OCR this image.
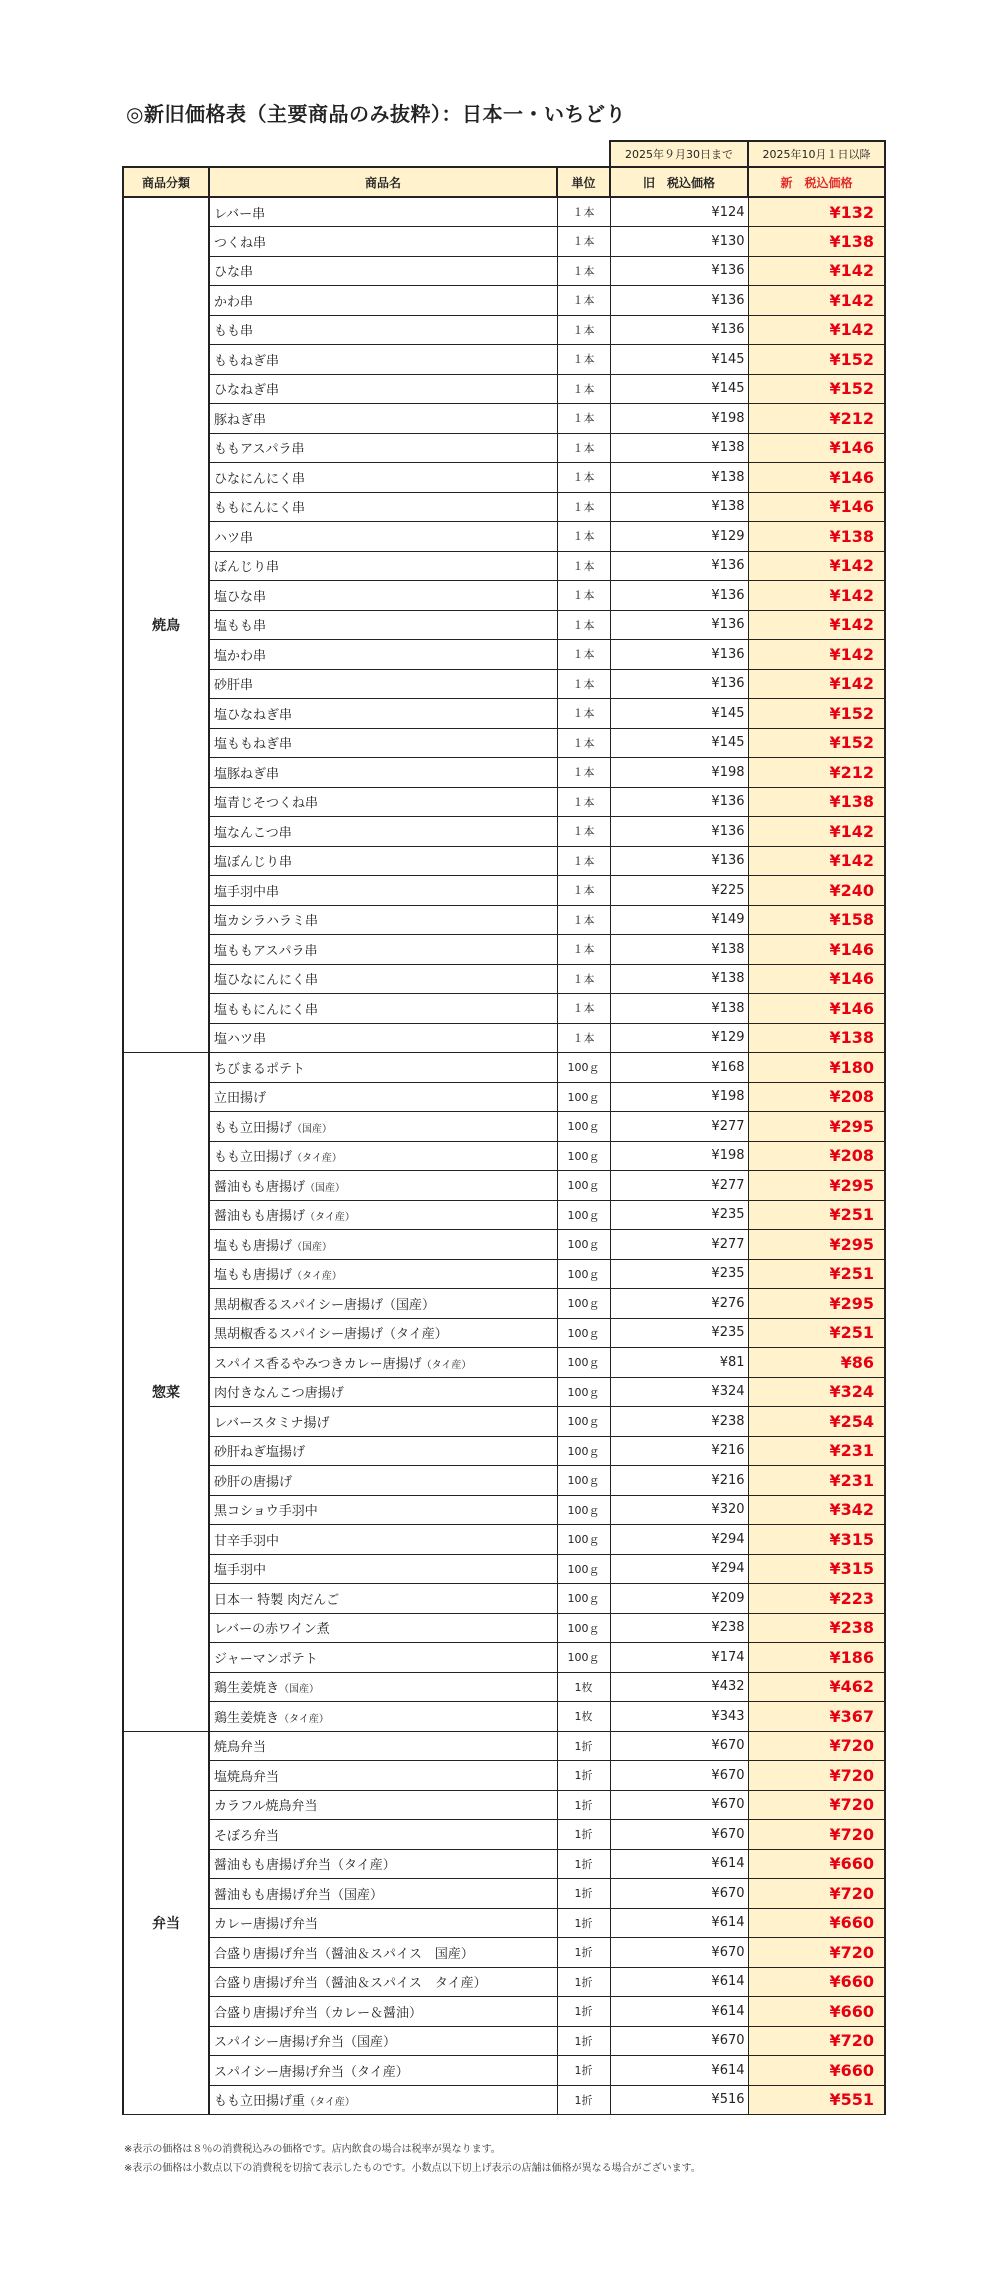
◎新旧価格表（主要商品のみ抜粋）：日本一・いちどり
			2025年９月30日まで	2025年10月１日以降
商品分類	商品名	単位	旧　税込価格	新　税込価格
焼鳥	レバー串	１本	¥124	¥132
	つくね串	１本	¥130	¥138
	ひな串	１本	¥136	¥142
	かわ串	１本	¥136	¥142
	もも串	１本	¥136	¥142
	ももねぎ串	１本	¥145	¥152
	ひなねぎ串	１本	¥145	¥152
	豚ねぎ串	１本	¥198	¥212
	ももアスパラ串	１本	¥138	¥146
	ひなにんにく串	１本	¥138	¥146
	ももにんにく串	１本	¥138	¥146
	ハツ串	１本	¥129	¥138
	ぼんじり串	１本	¥136	¥142
	塩ひな串	１本	¥136	¥142
	塩もも串	１本	¥136	¥142
	塩かわ串	１本	¥136	¥142
	砂肝串	１本	¥136	¥142
	塩ひなねぎ串	１本	¥145	¥152
	塩ももねぎ串	１本	¥145	¥152
	塩豚ねぎ串	１本	¥198	¥212
	塩青じそつくね串	１本	¥136	¥138
	塩なんこつ串	１本	¥136	¥142
	塩ぼんじり串	１本	¥136	¥142
	塩手羽中串	１本	¥225	¥240
	塩カシラハラミ串	１本	¥149	¥158
	塩ももアスパラ串	１本	¥138	¥146
	塩ひなにんにく串	１本	¥138	¥146
	塩ももにんにく串	１本	¥138	¥146
	塩ハツ串	１本	¥129	¥138
惣菜	ちびまるポテト	100ｇ	¥168	¥180
	立田揚げ	100ｇ	¥198	¥208
	もも立田揚げ（国産）	100ｇ	¥277	¥295
	もも立田揚げ（タイ産）	100ｇ	¥198	¥208
	醤油もも唐揚げ（国産）	100ｇ	¥277	¥295
	醤油もも唐揚げ（タイ産）	100ｇ	¥235	¥251
	塩もも唐揚げ（国産）	100ｇ	¥277	¥295
	塩もも唐揚げ（タイ産）	100ｇ	¥235	¥251
	黒胡椒香るスパイシー唐揚げ（国産）	100ｇ	¥276	¥295
	黒胡椒香るスパイシー唐揚げ（タイ産）	100ｇ	¥235	¥251
	スパイス香るやみつきカレー唐揚げ（タイ産）	100ｇ	¥81	¥86
	肉付きなんこつ唐揚げ	100ｇ	¥324	¥324
	レバースタミナ揚げ	100ｇ	¥238	¥254
	砂肝ねぎ塩揚げ	100ｇ	¥216	¥231
	砂肝の唐揚げ	100ｇ	¥216	¥231
	黒コショウ手羽中	100ｇ	¥320	¥342
	甘辛手羽中	100ｇ	¥294	¥315
	塩手羽中	100ｇ	¥294	¥315
	日本一 特製 肉だんご	100ｇ	¥209	¥223
	レバーの赤ワイン煮	100ｇ	¥238	¥238
	ジャーマンポテト	100ｇ	¥174	¥186
	鶏生姜焼き（国産）	1枚	¥432	¥462
	鶏生姜焼き（タイ産）	1枚	¥343	¥367
弁当	焼鳥弁当	1折	¥670	¥720
	塩焼鳥弁当	1折	¥670	¥720
	カラフル焼鳥弁当	1折	¥670	¥720
	そぼろ弁当	1折	¥670	¥720
	醤油もも唐揚げ弁当（タイ産）	1折	¥614	¥660
	醤油もも唐揚げ弁当（国産）	1折	¥670	¥720
	カレー唐揚げ弁当	1折	¥614	¥660
	合盛り唐揚げ弁当（醤油＆スパイス　国産）	1折	¥670	¥720
	合盛り唐揚げ弁当（醤油＆スパイス　タイ産）	1折	¥614	¥660
	合盛り唐揚げ弁当（カレー＆醤油）	1折	¥614	¥660
	スパイシー唐揚げ弁当（国産）	1折	¥670	¥720
	スパイシー唐揚げ弁当（タイ産）	1折	¥614	¥660
	もも立田揚げ重（タイ産）	1折	¥516	¥551
※表示の価格は８％の消費税込みの価格です。店内飲食の場合は税率が異なります。
※表示の価格は小数点以下の消費税を切捨て表示したものです。小数点以下切上げ表示の店舗は価格が異なる場合がございます。
